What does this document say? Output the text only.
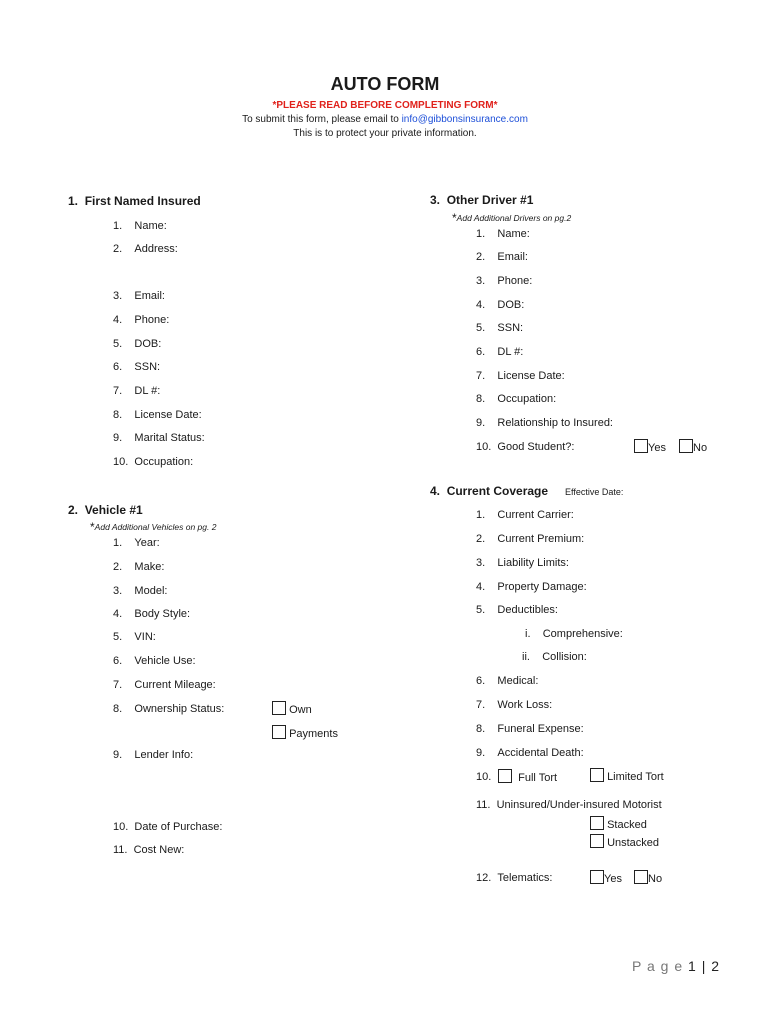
AUTO FORM
*PLEASE READ BEFORE COMPLETING FORM*
To submit this form, please email to info@gibbonsinsurance.com
This is to protect your private information.
1. First Named Insured
1. Name:
2. Address:
3. Email:
4. Phone:
5. DOB:
6. SSN:
7. DL #:
8. License Date:
9. Marital Status:
10. Occupation:
2. Vehicle #1
*Add Additional Vehicles on pg. 2
1. Year:
2. Make:
3. Model:
4. Body Style:
5. VIN:
6. Vehicle Use:
7. Current Mileage:
8. Ownership Status:	Own
Payments
9. Lender Info:
10. Date of Purchase:
11. Cost New:
3. Other Driver #1
*Add Additional Drivers on pg.2
1. Name:
2. Email:
3. Phone:
4. DOB:
5. SSN:
6. DL #:
7. License Date:
8. Occupation:
9. Relationship to Insured:
10. Good Student?:	Yes	No
4. Current Coverage Effective Date:
1. Current Carrier:
2. Current Premium:
3. Liability Limits:
4. Property Damage:
5. Deductibles:
i. Comprehensive:
ii. Collision:
6. Medical:
7. Work Loss:
8. Funeral Expense:
9. Accidental Death:
10.	Full Tort	Limited Tort
11. Uninsured/Under-insured Motorist
Stacked
Unstacked
12. Telematics:	Yes	No
P a g e 1 | 2
